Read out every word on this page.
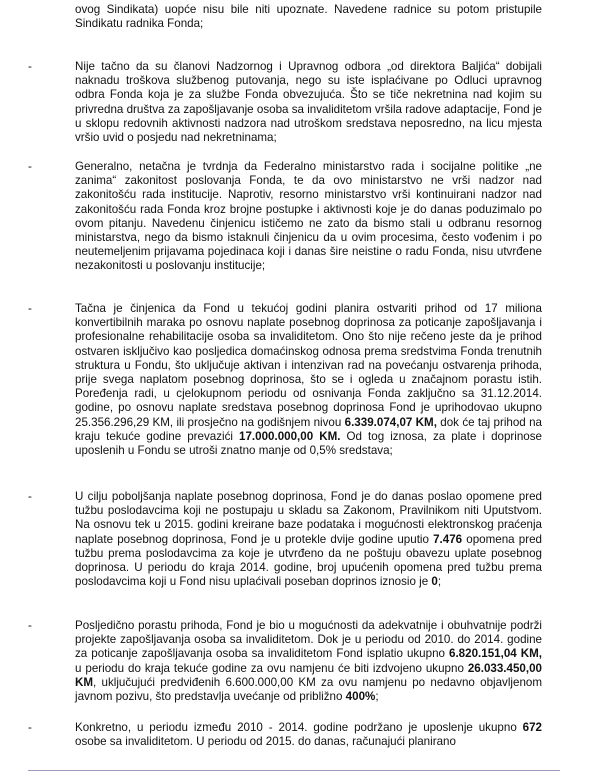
ovog Sindikata) uopće nisu bile niti upoznate. Navedene radnice su potom pristupile Sindikatu radnika Fonda;
-	Nije tačno da su članovi Nadzornog i Upravnog odbora „od direktora Baljića“ dobijali naknadu troškova službenog putovanja, nego su iste isplaćivane po Odluci upravnog odbra Fonda koja je za službe Fonda obvezujuća. Što se tiče nekretnina nad kojim su privredna društva za zapošljavanje osoba sa invaliditetom vršila radove adaptacije, Fond je u sklopu redovnih aktivnosti nadzora nad utroškom sredstava neposredno, na licu mjesta vršio uvid o posjedu nad nekretninama;
-	Generalno, netačna je tvrdnja da Federalno ministarstvo rada i socijalne politike „ne zanima“ zakonitost poslovanja Fonda, te da ovo ministarstvo ne vrši nadzor nad zakonitošću rada institucije. Naprotiv, resorno ministarstvo vrši kontinuirani nadzor nad zakonitošću rada Fonda kroz brojne postupke i aktivnosti koje je do danas poduzimalo po ovom pitanju. Navedenu činjenicu ističemo ne zato da bismo stali u odbranu resornog ministarstva, nego da bismo istaknuli činjenicu da u ovim procesima, često vođenim i po neutemeljenim prijavama pojedinaca koji i danas šire neistine o radu Fonda, nisu utvrđene nezakonitosti u poslovanju institucije;
-	Tačna je činjenica da Fond u tekućoj godini planira ostvariti prihod od 17 miliona konvertibilnih maraka po osnovu naplate posebnog doprinosa za poticanje zapošljavanja i profesionalne rehabilitacije osoba sa invaliditetom. Ono što nije rečeno jeste da je prihod ostvaren isključivo kao posljedica domaćinskog odnosa prema sredstvima Fonda trenutnih struktura u Fondu, što uključuje aktivan i intenzivan rad na povećanju ostvarenja prihoda, prije svega naplatom posebnog doprinosa, što se i ogleda u značajnom porastu istih. Poređenja radi, u cjelokupnom periodu od osnivanja Fonda zaključno sa 31.12.2014. godine, po osnovu naplate sredstava posebnog doprinosa Fond je uprihodovao ukupno 25.356.296,29 KM, ili prosječno na godišnjem nivou 6.339.074,07 KM, dok će taj prihod na kraju tekuće godine prevazići 17.000.000,00 KM. Od tog iznosa, za plate i doprinose uposlenih u Fondu se utroši znatno manje od 0,5% sredstava;
-	U cilju poboljšanja naplate posebnog doprinosa, Fond je do danas poslao opomene pred tužbu poslodavcima koji ne postupaju u skladu sa Zakonom, Pravilnikom niti Uputstvom. Na osnovu tek u 2015. godini kreirane baze podataka i mogućnosti elektronskog praćenja naplate posebnog doprinosa, Fond je u protekle dvije godine uputio 7.476 opomena pred tužbu prema poslodavcima za koje je utvrđeno da ne poštuju obavezu uplate posebnog doprinosa. U periodu do kraja 2014. godine, broj upućenih opomena pred tužbu prema poslodavcima koji u Fond nisu uplaćivali poseban doprinos iznosio je 0;
-	Posljedično porastu prihoda, Fond je bio u mogućnosti da adekvatnije i obuhvatnije podrži projekte zapošljavanja osoba sa invaliditetom. Dok je u periodu od 2010. do 2014. godine za poticanje zapošljavanja osoba sa invaliditetom Fond isplatio ukupno 6.820.151,04 KM, u periodu do kraja tekuće godine za ovu namjenu će biti izdvojeno ukupno 26.033.450,00 KM, uključujući predviđenih 6.600.000,00 KM za ovu namjenu po nedavno objavljenom javnom pozivu, što predstavlja uvećanje od približno 400%;
-	Konkretno, u periodu između 2010 - 2014. godine podržano je uposlenje ukupno 672 osobe sa invaliditetom. U periodu od 2015. do danas, računajući planirano
